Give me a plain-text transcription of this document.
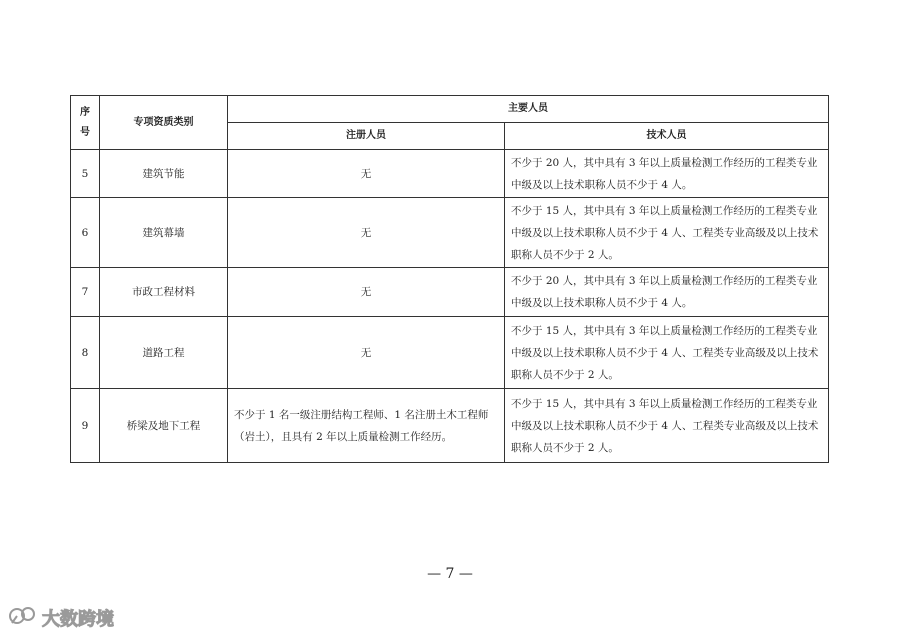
序
号	专项资质类别	主要人员	
		注册人员	技术人员
5	建筑节能	无	不少于 20 人，其中具有 3 年以上质量检测工作经历的工程类专业中级及以上技术职称人员不少于 4 人。
6	建筑幕墙	无	不少于 15 人，其中具有 3 年以上质量检测工作经历的工程类专业中级及以上技术职称人员不少于 4 人、工程类专业高级及以上技术职称人员不少于 2 人。
7	市政工程材料	无	不少于 20 人，其中具有 3 年以上质量检测工作经历的工程类专业中级及以上技术职称人员不少于 4 人。
8	道路工程	无	不少于 15 人，其中具有 3 年以上质量检测工作经历的工程类专业中级及以上技术职称人员不少于 4 人、工程类专业高级及以上技术职称人员不少于 2 人。
9	桥梁及地下工程	不少于 1 名一级注册结构工程师、1 名注册土木工程师（岩土），且具有 2 年以上质量检测工作经历。	不少于 15 人，其中具有 3 年以上质量检测工作经历的工程类专业中级及以上技术职称人员不少于 4 人、工程类专业高级及以上技术职称人员不少于 2 人。
— 7 —
大数跨境
